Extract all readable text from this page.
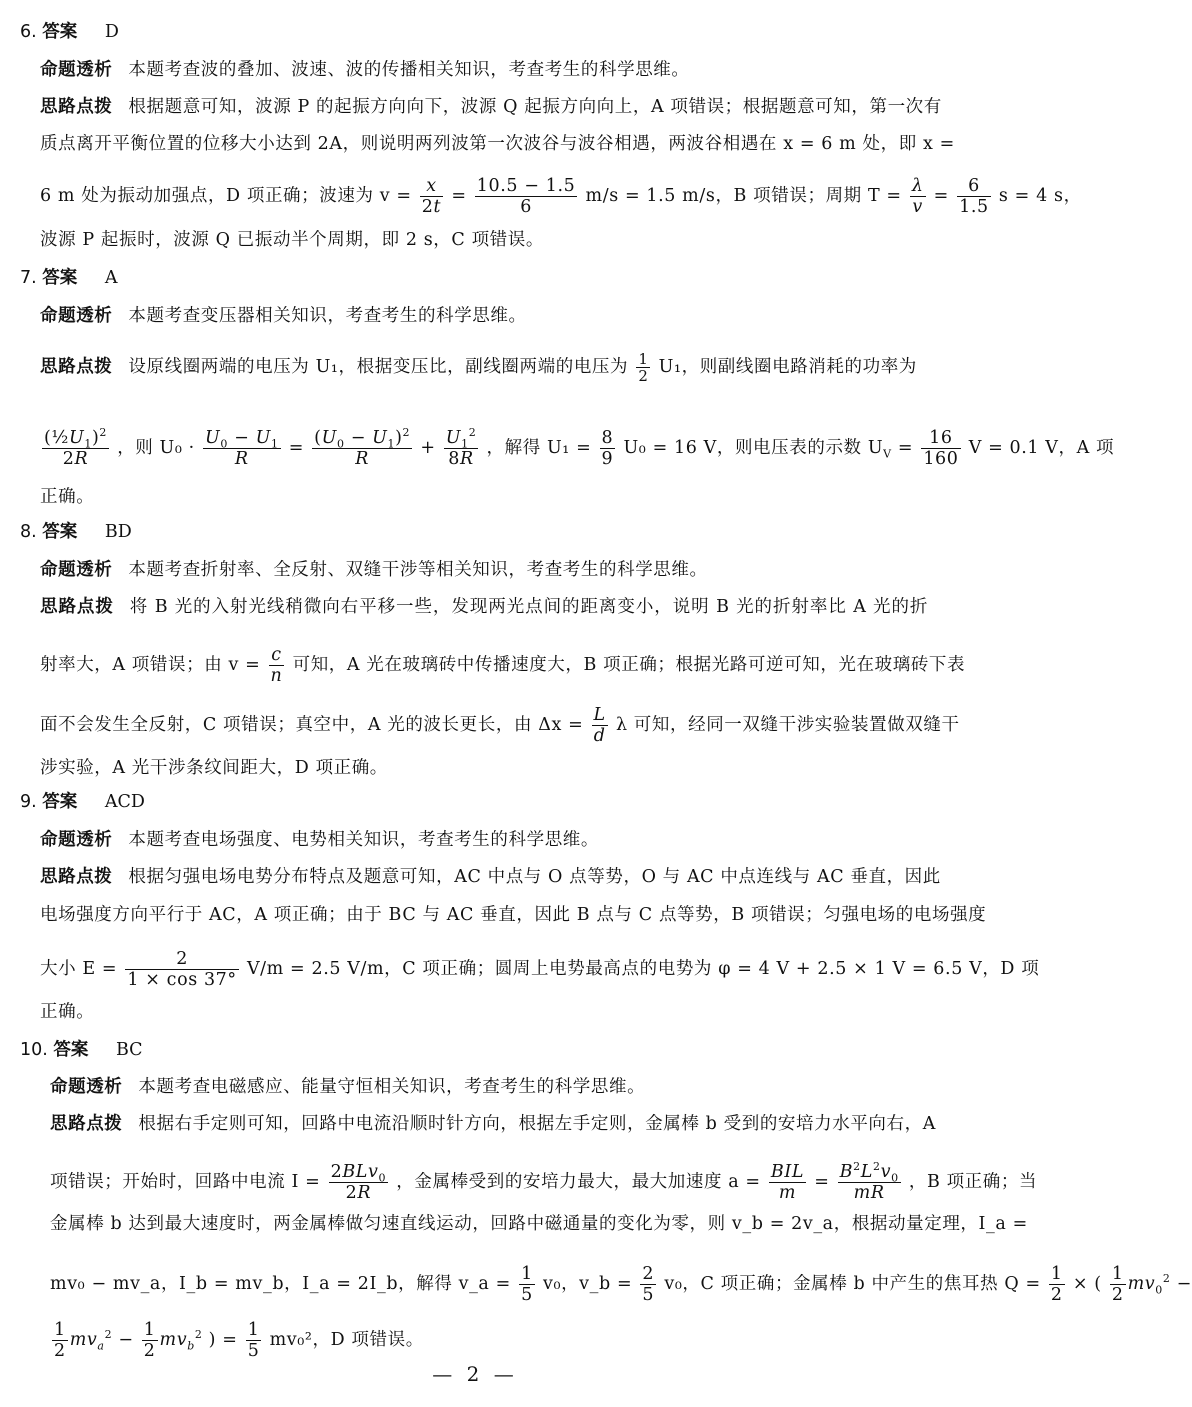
6. 答案 D
命题透析 本题考查波的叠加、波速、波的传播相关知识，考查考生的科学思维。
思路点拨 根据题意可知，波源 P 的起振方向向下，波源 Q 起振方向向上，A 项错误；根据题意可知，第一次有
质点离开平衡位置的位移大小达到 2A，则说明两列波第一次波谷与波谷相遇，两波谷相遇在 x = 6 m 处，即 x =
6 m 处为振动加强点，D 项正确；波速为 $v = \frac{x}{2t} = \frac{10.5 - 1.5}{6} m/s = 1.5$ m/s，B 项错误；周期 $T = \frac{\lambda}{v} = \frac{6}{1.5}$ s = 4 s，
波源 P 起振时，波源 Q 已振动半个周期，即 2 s，C 项错误。
7. 答案 A
命题透析 本题考查变压器相关知识，考查考生的科学思维。
思路点拨 设原线圈两端的电压为 U₁，根据变压比，副线圈两端的电压为 $\frac{1}{2} U_1$，则副线圈电路消耗的功率为
$\frac{(\frac{1}{2}U_1)^2}{2R}$ ，则 $U_0 \cdot \frac{U_0 - U_1}{R} = \frac{(U_0 - U_1)^2}{R} + \frac{U_1^2}{8R}$ ，解得 $U_1 = \frac{8}{9} U_0 = 16$ V，则电压表的示数 $U_V = \frac{16}{160}$ V = 0.1 V，A 项
正确。
8. 答案 BD
命题透析 本题考查折射率、全反射、双缝干涉等相关知识，考查考生的科学思维。
思路点拨 将 B 光的入射光线稍微向右平移一些，发现两光点间的距离变小，说明 B 光的折射率比 A 光的折
射率大，A 项错误；由 $v = \frac{c}{n}$ 可知，A 光在玻璃砖中传播速度大，B 项正确；根据光路可逆可知，光在玻璃砖下表
面不会发生全反射，C 项错误；真空中，A 光的波长更长，由 $\Delta x = \frac{L}{d}$ λ 可知，经同一双缝干涉实验装置做双缝干
涉实验，A 光干涉条纹间距大，D 项正确。
9. 答案 ACD
命题透析 本题考查电场强度、电势相关知识，考查考生的科学思维。
思路点拨 根据匀强电场电势分布特点及题意可知，AC 中点与 O 点等势，O 与 AC 中点连线与 AC 垂直，因此
电场强度方向平行于 AC，A 项正确；由于 BC 与 AC 垂直，因此 B 点与 C 点等势，B 项错误；匀强电场的电场强度
大小 $E = \frac{2}{1 \times \cos 37^\circ} V/m = 2.5$ V/m，C 项正确；圆周上电势最高点的电势为 φ = 4 V + 2.5 × 1 V = 6.5 V，D 项
正确。
10. 答案 BC
命题透析 本题考查电磁感应、能量守恒相关知识，考查考生的科学思维。
思路点拨 根据右手定则可知，回路中电流沿顺时针方向，根据左手定则，金属棒 b 受到的安培力水平向右，A
项错误；开始时，回路中电流 I = 2BLv$_0$
2R
，金属棒受到的安培力最大，最大加速度 a = BIL
m
= $\frac{B^2L^2v_0}{mR}$ ，B 项正确；当
金属棒 b 达到最大速度时，两金属棒做匀速直线运动，回路中磁通量的变化为零，则 v_b = 2v_a，根据动量定理，I_a =
mv₀ − mv_a，I_b = mv_b，I_a = 2I_b，解得 v_a = $\frac{1}{5} v_0$，v_b = $\frac{2}{5} v_0$，C 项正确；金属棒 b 中产生的焦耳热 $Q = \frac{1}{2}$ × ( $\frac{1}{2} mv_0^2$ −
$\frac{1}{2} mv_a^2 - \frac{1}{2} mv_b^2$ ) = $\frac{1}{5} mv_0^2$，D 项错误。
— 2 —
